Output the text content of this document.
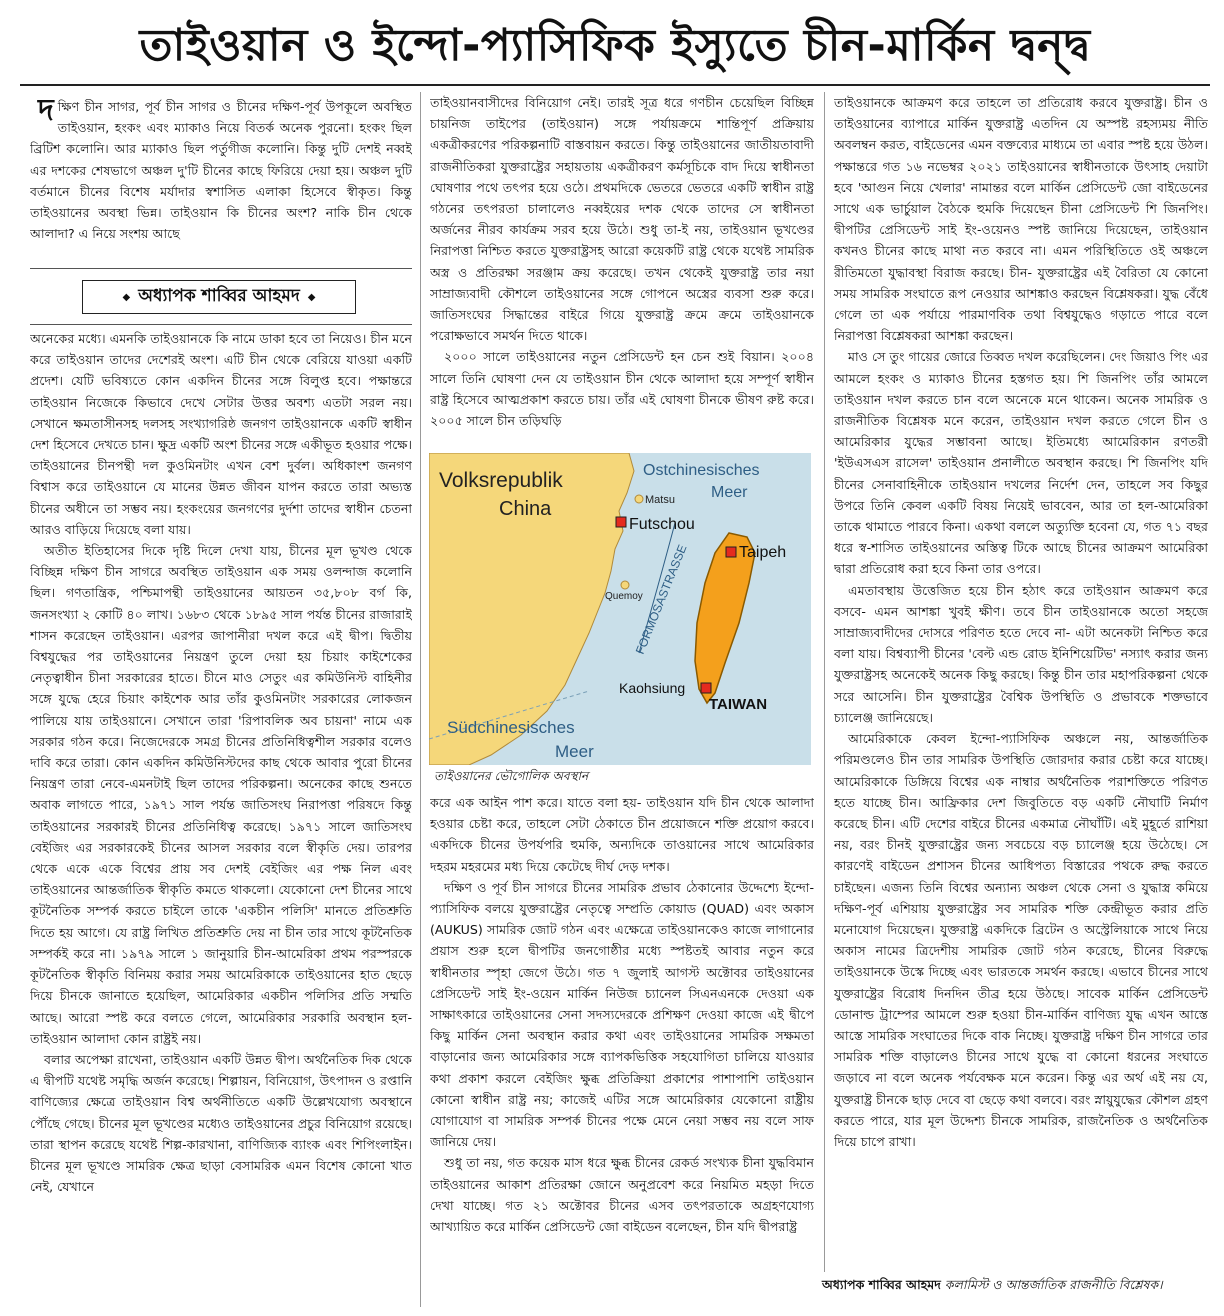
তাইওয়ান ও ইন্দো-প্যাসিফিক ইস্যুতে চীন-মার্কিন দ্বন্দ্ব

দক্ষিণ চীন সাগর, পূর্ব চীন সাগর ও চীনের দক্ষিণ-পূর্ব উপকূলে অবস্থিত তাইওয়ান, হংকং এবং ম্যাকাও নিয়ে বিতর্ক অনেক পুরনো। হংকং ছিল ব্রিটিশ কলোনি। আর ম্যাকাও ছিল পর্তুগীজ কলোনি। কিন্তু দুটি দেশই নব্বই এর দশকের শেষভাগে অঞ্চল দু'টি চীনের কাছে ফিরিয়ে দেয়া হয়। অঞ্চল দুটি বর্তমানে চীনের বিশেষ মর্যাদার স্বশাসিত এলাকা হিসেবে স্বীকৃত। কিন্তু তাইওয়ানের অবস্থা ভিন্ন। তাইওয়ান কি চীনের অংশ? নাকি চীন থেকে আলাদা? এ নিয়ে সংশয় আছে

◆ অধ্যাপক শাব্বির আহমদ ◆

অনেকের মধ্যে। এমনকি তাইওয়ানকে কি নামে ডাকা হবে তা নিয়েও। চীন মনে করে তাইওয়ান তাদের দেশেরই অংশ। এটি চীন থেকে বেরিয়ে যাওয়া একটি প্রদেশ। যেটি ভবিষ্যতে কোন একদিন চীনের সঙ্গে বিলুপ্ত হবে। পক্ষান্তরে তাইওয়ান নিজেকে কিভাবে দেখে সেটার উত্তর অবশ্য এতটা সরল নয়। সেখানে ক্ষমতাসীনসহ দলসহ সংখ্যাগরিষ্ঠ জনগণ তাইওয়ানকে একটি স্বাধীন দেশ হিসেবে দেখতে চান। ক্ষুদ্র একটি অংশ চীনের সঙ্গে একীভূত হওয়ার পক্ষে। তাইওয়ানের চীনপন্থী দল কুওমিনটাং এখন বেশ দুর্বল। অধিকাংশ জনগণ বিশ্বাস করে তাইওয়ানে যে মানের উন্নত জীবন যাপন করতে তারা অভ্যস্ত চীনের অধীনে তা সম্ভব নয়। হংকংয়ের জনগণের দুর্দশা তাদের স্বাধীন চেতনা আরও বাড়িয়ে দিয়েছে বলা যায়।

অতীত ইতিহাসের দিকে দৃষ্টি দিলে দেখা যায়, চীনের মূল ভূখণ্ড থেকে বিচ্ছিন্ন দক্ষিণ চীন সাগরে অবস্থিত তাইওয়ান এক সময় ওলন্দাজ কলোনি ছিল। গণতান্ত্রিক, পশ্চিমাপন্থী তাইওয়ানের আয়তন ৩৫,৮০৮ বর্গ কি, জনসংখ্যা ২ কোটি ৪০ লাখ। ১৬৮৩ থেকে ১৮৯৫ সাল পর্যন্ত চীনের রাজারাই শাসন করেছেন তাইওয়ান। এরপর জাপানীরা দখল করে এই দ্বীপ। দ্বিতীয় বিশ্বযুদ্ধের পর তাইওয়ানের নিয়ন্ত্রণ তুলে দেয়া হয় চিয়াং কাইশেকের নেতৃত্বাধীন চীনা সরকারের হাতে। চীনে মাও সেতুং এর কমিউনিস্ট বাহিনীর সঙ্গে যুদ্ধে হেরে চিয়াং কাইশেক আর তাঁর কুওমিনটাং সরকারের লোকজন পালিয়ে যায় তাইওয়ানে। সেখানে তারা 'রিপাবলিক অব চায়না' নামে এক সরকার গঠন করে। নিজেদেরকে সমগ্র চীনের প্রতিনিধিত্বশীল সরকার বলেও দাবি করে তারা। কোন একদিন কমিউনিস্টদের কাছ থেকে আবার পুরো চীনের নিয়ন্ত্রণ তারা নেবে-এমনটাই ছিল তাদের পরিকল্পনা। অনেকের কাছে শুনতে অবাক লাগতে পারে, ১৯৭১ সাল পর্যন্ত জাতিসংঘ নিরাপত্তা পরিষদে কিন্তু তাইওয়ানের সরকারই চীনের প্রতিনিধিত্ব করেছে। ১৯৭১ সালে জাতিসংঘ বেইজিং এর সরকারকেই চীনের আসল সরকার বলে স্বীকৃতি দেয়। তারপর থেকে একে একে বিশ্বের প্রায় সব দেশই বেইজিং এর পক্ষ নিল এবং তাইওয়ানের আন্তর্জাতিক স্বীকৃতি কমতে থাকলো। যেকোনো দেশ চীনের সাথে কূটনৈতিক সম্পর্ক করতে চাইলে তাকে 'একচীন পলিসি' মানতে প্রতিশ্রুতি দিতে হয় আগে। যে রাষ্ট্র লিখিত প্রতিশ্রুতি দেয় না চীন তার সাথে কূটনৈতিক সম্পর্কই করে না। ১৯৭৯ সালে ১ জানুয়ারি চীন-আমেরিকা প্রথম পরস্পরকে কূটনৈতিক স্বীকৃতি বিনিময় করার সময় আমেরিকাকে তাইওয়ানের হাত ছেড়ে দিয়ে চীনকে জানাতে হয়েছিল, আমেরিকার একচীন পলিসির প্রতি সম্মতি আছে। আরো স্পষ্ট করে বলতে গেলে, আমেরিকার সরকারি অবস্থান হল-তাইওয়ান আলাদা কোন রাষ্ট্রই নয়।

বলার অপেক্ষা রাখেনা, তাইওয়ান একটি উন্নত দ্বীপ। অর্থনৈতিক দিক থেকে এ দ্বীপটি যথেষ্ট সমৃদ্ধি অর্জন করেছে। শিল্পায়ন, বিনিয়োগ, উৎপাদন ও রপ্তানি বাণিজ্যের ক্ষেত্রে তাইওয়ান বিশ্ব অর্থনীতিতে একটি উল্লেখযোগ্য অবস্থানে পৌঁছে গেছে। চীনের মূল ভূখণ্ডের মধ্যেও তাইওয়ানের প্রচুর বিনিয়োগ রয়েছে। তারা স্থাপন করেছে যথেষ্ট শিল্প-কারখানা, বাণিজ্যিক ব্যাংক এবং শিপিংলাইন। চীনের মূল ভূখণ্ডে সামরিক ক্ষেত্র ছাড়া বেসামরিক এমন বিশেষ কোনো খাত নেই, যেখানে

তাইওয়ানবাসীদের বিনিয়োগ নেই। তারই সূত্র ধরে গণচীন চেয়েছিল বিচ্ছিন্ন চায়নিজ তাইপের (তাইওয়ান) সঙ্গে পর্যায়ক্রমে শান্তিপূর্ণ প্রক্রিয়ায় একত্রীকরণের পরিকল্পনাটি বাস্তবায়ন করতে। কিন্তু তাইওয়ানের জাতীয়তাবাদী রাজনীতিকরা যুক্তরাষ্ট্রের সহায়তায় একত্রীকরণ কর্মসূচিকে বাদ দিয়ে স্বাধীনতা ঘোষণার পথে তৎপর হয়ে ওঠে। প্রথমদিকে ভেতরে ভেতরে একটি স্বাধীন রাষ্ট্র গঠনের তৎপরতা চালালেও নব্বইয়ের দশক থেকে তাদের সে স্বাধীনতা অর্জনের নীরব কার্যক্রম সরব হয়ে উঠে। শুধু তা-ই নয়, তাইওয়ান ভূখণ্ডের নিরাপত্তা নিশ্চিত করতে যুক্তরাষ্ট্রসহ আরো কয়েকটি রাষ্ট্র থেকে যথেষ্ট সামরিক অস্ত্র ও প্রতিরক্ষা সরঞ্জাম ক্রয় করেছে। তখন থেকেই যুক্তরাষ্ট্র তার নয়া সাম্রাজ্যবাদী কৌশলে তাইওয়ানের সঙ্গে গোপনে অস্ত্রের ব্যবসা শুরু করে। জাতিসংঘের সিদ্ধান্তের বাইরে গিয়ে যুক্তরাষ্ট্র ক্রমে ক্রমে তাইওয়ানকে পরোক্ষভাবে সমর্থন দিতে থাকে।

২০০০ সালে তাইওয়ানের নতুন প্রেসিডেন্ট হন চেন শুই বিয়ান। ২০০৪ সালে তিনি ঘোষণা দেন যে তাইওয়ান চীন থেকে আলাদা হয়ে সম্পূর্ণ স্বাধীন রাষ্ট্র হিসেবে আত্মপ্রকাশ করতে চায়। তাঁর এই ঘোষণা চীনকে ভীষণ রুষ্ট করে। ২০০৫ সালে চীন তড়িঘড়ি

Volksrepublik
China
Ostchinesisches
Meer
Südchinesisches
Meer
FORMOSASTRASSE
TAIWAN
Matsu
Quemoy
Futschou
Taipeh
Kaohsiung
তাইওয়ানের ভৌগোলিক অবস্থান

করে এক আইন পাশ করে। যাতে বলা হয়- তাইওয়ান যদি চীন থেকে আলাদা হওয়ার চেষ্টা করে, তাহলে সেটা ঠেকাতে চীন প্রয়োজনে শক্তি প্রয়োগ করবে। একদিকে চীনের উপর্যপরি হুমকি, অন্যদিকে তাওয়ানের সাথে আমেরিকার দহরম মহরমের মধ্য দিয়ে কেটেছে দীর্ঘ দেড় দশক।

দক্ষিণ ও পূর্ব চীন সাগরে চীনের সামরিক প্রভাব ঠেকানোর উদ্দেশ্যে ইন্দো-প্যাসিফিক বলয়ে যুক্তরাষ্ট্রের নেতৃত্বে সম্প্রতি কোয়াড (QUAD) এবং অকাস (AUKUS) সামরিক জোট গঠন এবং এক্ষেত্রে তাইওয়ানকেও কাজে লাগানোর প্রয়াস শুরু হলে দ্বীপটির জনগোষ্ঠীর মধ্যে স্পষ্টতই আবার নতুন করে স্বাধীনতার স্পৃহা জেগে উঠে। গত ৭ জুলাই আগস্ট অক্টোবর তাইওয়ানের প্রেসিডেন্ট সাই ইং-ওয়েন মার্কিন নিউজ চ্যানেল সিএনএনকে দেওয়া এক সাক্ষাৎকারে তাইওয়ানের সেনা সদস্যদেরকে প্রশিক্ষণ দেওয়া কাজে এই দ্বীপে কিছু মার্কিন সেনা অবস্থান করার কথা এবং তাইওয়ানের সামরিক সক্ষমতা বাড়ানোর জন্য আমেরিকার সঙ্গে ব্যাপকভিত্তিক সহযোগিতা চালিয়ে যাওয়ার কথা প্রকাশ করলে বেইজিং ক্ষুব্ধ প্রতিক্রিয়া প্রকাশের পাশাপাশি তাইওয়ান কোনো স্বাধীন রাষ্ট্র নয়; কাজেই এটির সঙ্গে আমেরিকার যেকোনো রাষ্ট্রীয় যোগাযোগ বা সামরিক সম্পর্ক চীনের পক্ষে মেনে নেয়া সম্ভব নয় বলে সাফ জানিয়ে দেয়।

শুধু তা নয়, গত কয়েক মাস ধরে ক্ষুব্ধ চীনের রেকর্ড সংখ্যক চীনা যুদ্ধবিমান তাইওয়ানের আকাশ প্রতিরক্ষা জোনে অনুপ্রবেশ করে নিয়মিত মহড়া দিতে দেখা যাচ্ছে। গত ২১ অক্টোবর চীনের এসব তৎপরতাকে অগ্রহণযোগ্য আখ্যায়িত করে মার্কিন প্রেসিডেন্ট জো বাইডেন বলেছেন, চীন যদি দ্বীপরাষ্ট্র

তাইওয়ানকে আক্রমণ করে তাহলে তা প্রতিরোধ করবে যুক্তরাষ্ট্র। চীন ও তাইওয়ানের ব্যাপারে মার্কিন যুক্তরাষ্ট্র এতদিন যে অস্পষ্ট রহস্যময় নীতি অবলম্বন করত, বাইডেনের এমন বক্তব্যের মাধ্যমে তা এবার স্পষ্ট হয়ে উঠল। পক্ষান্তরে গত ১৬ নভেম্বর ২০২১ তাইওয়ানের স্বাধীনতাকে উৎসাহ দেয়াটা হবে 'আগুন নিয়ে খেলার' নামান্তর বলে মার্কিন প্রেসিডেন্ট জো বাইডেনের সাথে এক ভার্চুয়াল বৈঠকে হুমকি দিয়েছেন চীনা প্রেসিডেন্ট শি জিনপিং। দ্বীপটির প্রেসিডেন্ট সাই ইং-ওয়েনও স্পষ্ট জানিয়ে দিয়েছেন, তাইওয়ান কখনও চীনের কাছে মাথা নত করবে না। এমন পরিস্থিতিতে ওই অঞ্চলে রীতিমতো যুদ্ধাবস্থা বিরাজ করছে। চীন- যুক্তরাষ্ট্রের এই বৈরিতা যে কোনো সময় সামরিক সংঘাতে রূপ নেওয়ার আশঙ্কাও করছেন বিশ্লেষকরা। যুদ্ধ বেঁধে গেলে তা এক পর্যায়ে পারমাণবিক তথা বিশ্বযুদ্ধেও গড়াতে পারে বলে নিরাপত্তা বিশ্লেষকরা আশঙ্কা করছেন।

মাও সে তুং গায়ের জোরে তিব্বত দখল করেছিলেন। দেং জিয়াও পিং এর আমলে হংকং ও ম্যাকাও চীনের হস্তগত হয়। শি জিনপিং তাঁর আমলে তাইওয়ান দখল করতে চান বলে অনেকে মনে থাকেন। অনেক সামরিক ও রাজনীতিক বিশ্লেষক মনে করেন, তাইওয়ান দখল করতে গেলে চীন ও আমেরিকার যুদ্ধের সম্ভাবনা আছে। ইতিমধ্যে আমেরিকান রণতরী 'ইউএসএস রাসেল' তাইওয়ান প্রনালীতে অবস্থান করছে। শি জিনপিং যদি চীনের সেনাবাহিনীকে তাইওয়ান দখলের নির্দেশ দেন, তাহলে সব কিছুর উপরে তিনি কেবল একটি বিষয় নিয়েই ভাববেন, আর তা হল-আমেরিকা তাকে থামাতে পারবে কিনা। একথা বললে অত্যুক্তি হবেনা যে, গত ৭১ বছর ধরে স্ব-শাসিত তাইওয়ানের অস্তিত্ব টিকে আছে চীনের আক্রমণ আমেরিকা দ্বারা প্রতিরোধ করা হবে কিনা তার ওপরে।

এমতাবস্থায় উত্তেজিত হয়ে চীন হঠাৎ করে তাইওয়ান আক্রমণ করে বসবে- এমন আশঙ্কা খুবই ক্ষীণ। তবে চীন তাইওয়ানকে অতো সহজে সাম্রাজ্যবাদীদের দোসরে পরিণত হতে দেবে না- এটা অনেকটা নিশ্চিত করে বলা যায়। বিশ্বব্যাপী চীনের 'বেল্ট এন্ড রোড ইনিশিয়েটিভ' নস্যাৎ করার জন্য যুক্তরাষ্ট্রসহ অনেকেই অনেক কিছু করছে। কিন্তু চীন তার মহাপরিকল্পনা থেকে সরে আসেনি। চীন যুক্তরাষ্ট্রের বৈশ্বিক উপস্থিতি ও প্রভাবকে শক্তভাবে চ্যালেঞ্জ জানিয়েছে।

আমেরিকাকে কেবল ইন্দো-প্যাসিফিক অঞ্চলে নয়, আন্তর্জাতিক পরিমণ্ডলেও চীন তার সামরিক উপস্থিতি জোরদার করার চেষ্টা করে যাচ্ছে। আমেরিকাকে ডিঙ্গিয়ে বিশ্বের এক নাম্বার অর্থনৈতিক পরাশক্তিতে পরিণত হতে যাচ্ছে চীন। আফ্রিকার দেশ জিবুতিতে বড় একটি নৌঘাটি নির্মাণ করেছে চীন। এটি দেশের বাইরে চীনের একমাত্র নৌঘাঁটি। এই মুহূর্তে রাশিয়া নয়, বরং চীনই যুক্তরাষ্ট্রের জন্য সবচেয়ে বড় চ্যালেঞ্জ হয়ে উঠেছে। সে কারণেই বাইডেন প্রশাসন চীনের আধিপত্য বিস্তারের পথকে রুদ্ধ করতে চাইছেন। এজন্য তিনি বিশ্বের অন্যান্য অঞ্চল থেকে সেনা ও যুদ্ধাস্ত্র কমিয়ে দক্ষিণ-পূর্ব এশিয়ায় যুক্তরাষ্ট্রের সব সামরিক শক্তি কেন্দ্রীভূত করার প্রতি মনোযোগ দিয়েছেন। যুক্তরাষ্ট্র একদিকে ব্রিটেন ও অস্ট্রেলিয়াকে সাথে নিয়ে অকাস নামের ত্রিদেশীয় সামরিক জোট গঠন করেছে, চীনের বিরুদ্ধে তাইওয়ানকে উস্কে দিচ্ছে এবং ভারতকে সমর্থন করছে। এভাবে চীনের সাথে যুক্তরাষ্ট্রের বিরোধ দিনদিন তীব্র হয়ে উঠছে। সাবেক মার্কিন প্রেসিডেন্ট ডোনাল্ড ট্রাম্পের আমলে শুরু হওয়া চীন-মার্কিন বাণিজ্য যুদ্ধ এখন আস্তে আস্তে সামরিক সংঘাতের দিকে বাক নিচ্ছে। যুক্তরাষ্ট্র দক্ষিণ চীন সাগরে তার সামরিক শক্তি বাড়ালেও চীনের সাথে যুদ্ধে বা কোনো ধরনের সংঘাতে জড়াবে না বলে অনেক পর্যবেক্ষক মনে করেন। কিন্তু এর অর্থ এই নয় যে, যুক্তরাষ্ট্র চীনকে ছাড় দেবে বা ছেড়ে কথা বলবে। বরং স্নায়ুযুদ্ধের কৌশল গ্রহণ করতে পারে, যার মূল উদ্দেশ্য চীনকে সামরিক, রাজনৈতিক ও অর্থনৈতিক দিয়ে চাপে রাখা।

অধ্যাপক শাব্বির আহমদ কলামিস্ট ও আন্তর্জাতিক রাজনীতি বিশ্লেষক।
